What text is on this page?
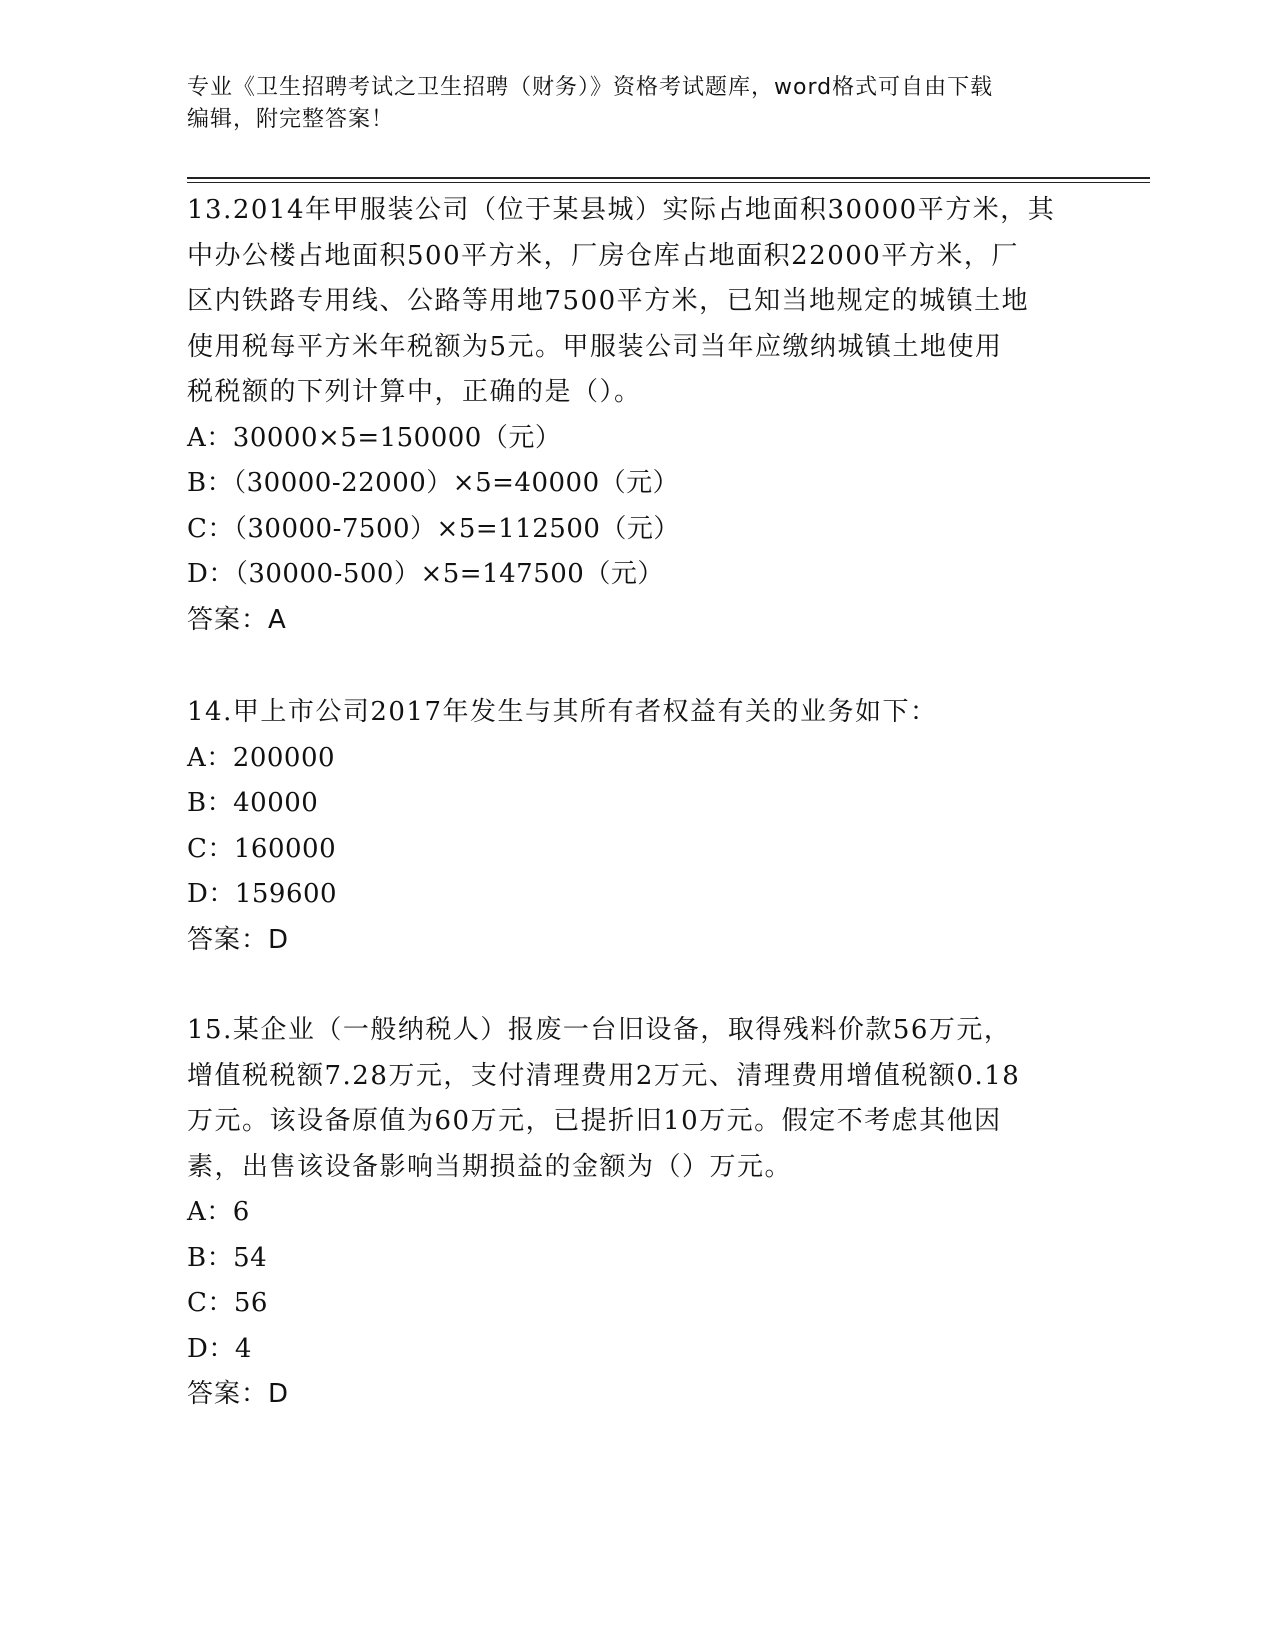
专业《卫生招聘考试之卫生招聘（财务）》资格考试题库，word格式可自由下载
编辑，附完整答案！

13.2014年甲服装公司（位于某县城）实际占地面积30000平方米，其

中办公楼占地面积500平方米，厂房仓库占地面积22000平方米，厂

区内铁路专用线、公路等用地7500平方米，已知当地规定的城镇土地

使用税每平方米年税额为5元。甲服装公司当年应缴纳城镇土地使用

税税额的下列计算中，正确的是（）。

A：30000×5=150000（元）

B：（30000-22000）×5=40000（元）

C：（30000-7500）×5=112500（元）

D：（30000-500）×5=147500（元）

答案：A

14.甲上市公司2017年发生与其所有者权益有关的业务如下：

A：200000

B：40000

C：160000

D：159600

答案：D

15.某企业（一般纳税人）报废一台旧设备，取得残料价款56万元，

增值税税额7.28万元，支付清理费用2万元、清理费用增值税额0.18

万元。该设备原值为60万元，已提折旧10万元。假定不考虑其他因

素，出售该设备影响当期损益的金额为（）万元。

A：6

B：54

C：56

D：4

答案：D
